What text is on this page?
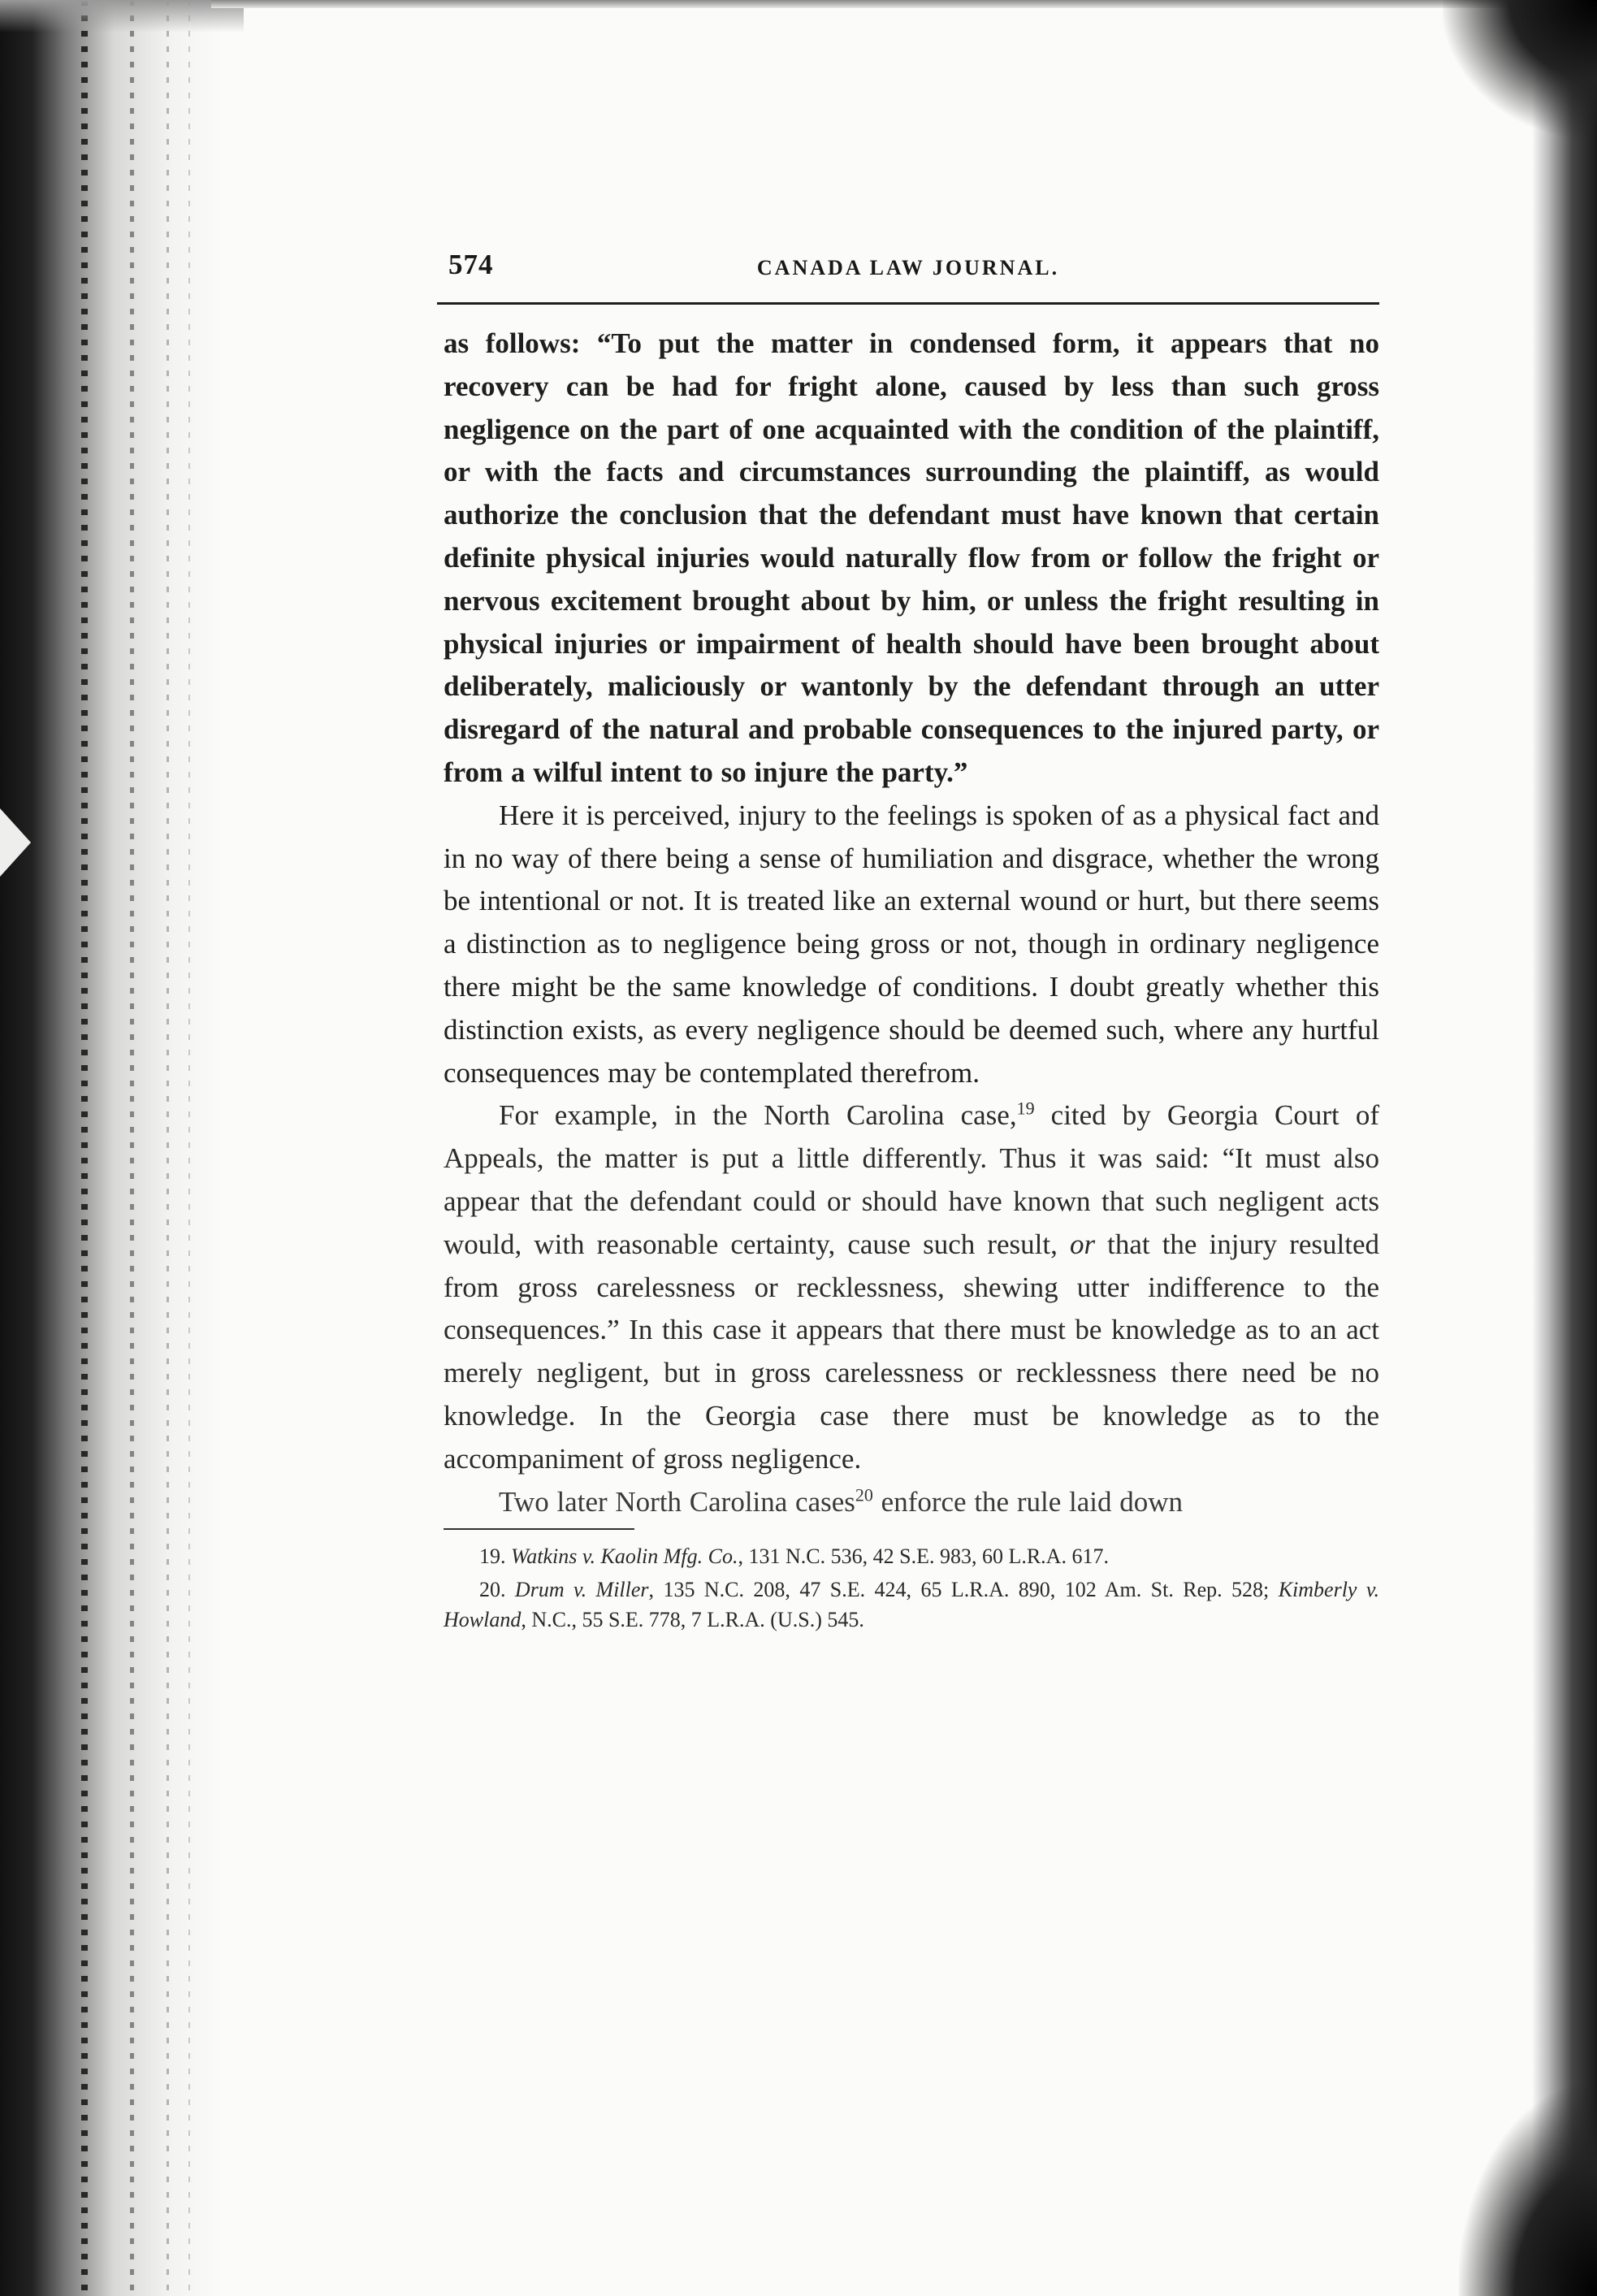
574	CANADA LAW JOURNAL.

as follows: “To put the matter in condensed form, it appears that no recovery can be had for fright alone, caused by less than such gross negligence on the part of one acquainted with the condition of the plaintiff, or with the facts and circumstances surrounding the plaintiff, as would authorize the conclusion that the defendant must have known that certain definite physical injuries would naturally flow from or follow the fright or nervous excitement brought about by him, or unless the fright resulting in physical injuries or impairment of health should have been brought about deliberately, maliciously or wantonly by the defendant through an utter disregard of the natural and probable consequences to the injured party, or from a wilful intent to so injure the party.”

Here it is perceived, injury to the feelings is spoken of as a physical fact and in no way of there being a sense of humiliation and disgrace, whether the wrong be intentional or not. It is treated like an external wound or hurt, but there seems a distinction as to negligence being gross or not, though in ordinary negligence there might be the same knowledge of conditions. I doubt greatly whether this distinction exists, as every negligence should be deemed such, where any hurtful consequences may be contemplated therefrom.

For example, in the North Carolina case,$^{19}$ cited by Georgia Court of Appeals, the matter is put a little differently. Thus it was said: “It must also appear that the defendant could or should have known that such negligent acts would, with reasonable certainty, cause such result, or that the injury resulted from gross carelessness or recklessness, shewing utter indifference to the consequences.” In this case it appears that there must be knowledge as to an act merely negligent, but in gross carelessness or recklessness there need be no knowledge. In the Georgia case there must be knowledge as to the accompaniment of gross negligence.

Two later North Carolina cases$^{20}$ enforce the rule laid down

19. Watkins v. Kaolin Mfg. Co., 131 N.C. 536, 42 S.E. 983, 60 L.R.A. 617.

20. Drum v. Miller, 135 N.C. 208, 47 S.E. 424, 65 L.R.A. 890, 102 Am. St. Rep. 528; Kimberly v. Howland, N.C., 55 S.E. 778, 7 L.R.A. (U.S.) 545.
